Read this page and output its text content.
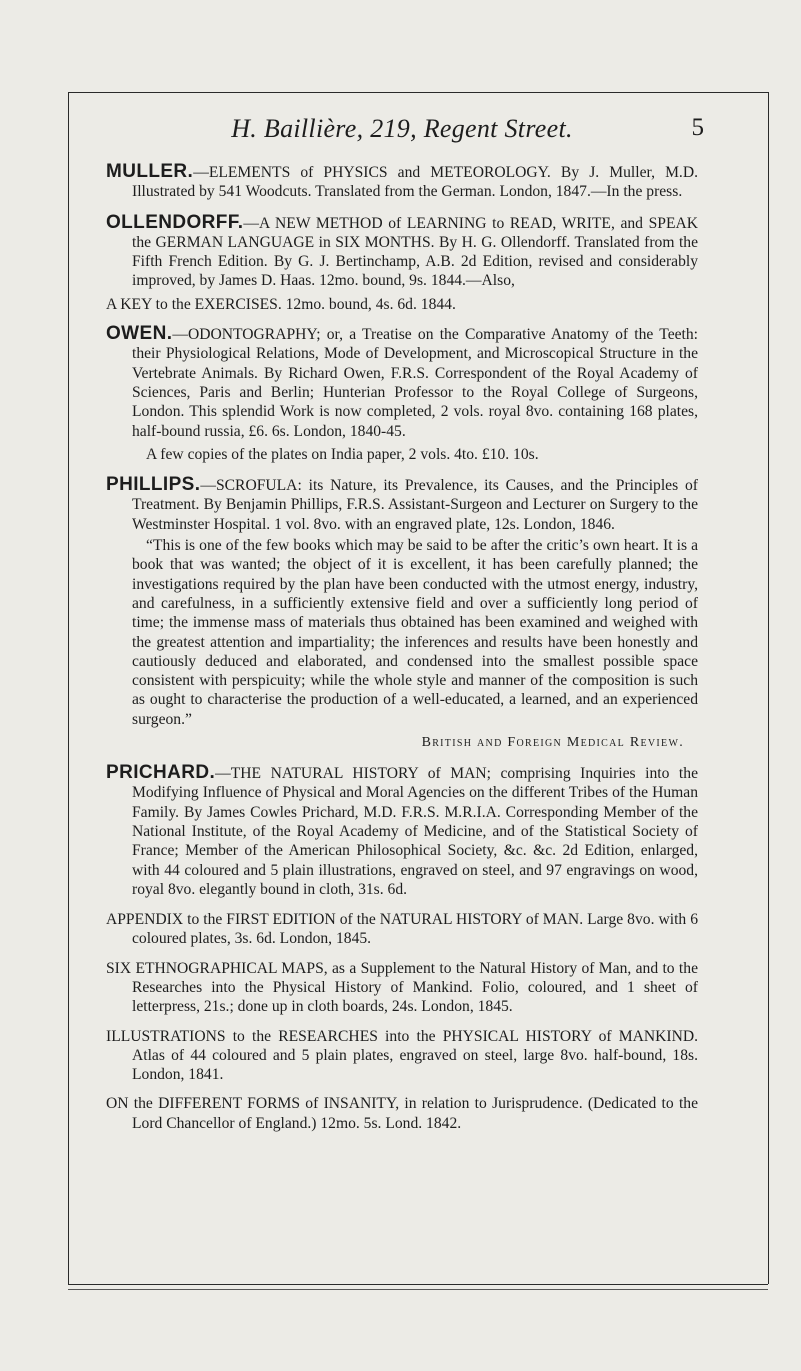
H. Baillière, 219, Regent Street.	5
MULLER.—ELEMENTS of PHYSICS and METEOROLOGY. By J. Muller, M.D. Illustrated by 541 Woodcuts. Translated from the German. London, 1847.—In the press.
OLLENDORFF.—A NEW METHOD of LEARNING to READ, WRITE, and SPEAK the GERMAN LANGUAGE in SIX MONTHS. By H. G. Ollendorff. Translated from the Fifth French Edition. By G. J. Bertinchamp, A.B. 2d Edition, revised and considerably improved, by James D. Haas. 12mo. bound, 9s. 1844.—Also,
A KEY to the EXERCISES. 12mo. bound, 4s. 6d. 1844.
OWEN.—ODONTOGRAPHY; or, a Treatise on the Comparative Anatomy of the Teeth: their Physiological Relations, Mode of Development, and Microscopical Structure in the Vertebrate Animals. By Richard Owen, F.R.S. Correspondent of the Royal Academy of Sciences, Paris and Berlin; Hunterian Professor to the Royal College of Surgeons, London. This splendid Work is now completed, 2 vols. royal 8vo. containing 168 plates, half-bound russia, £6. 6s. London, 1840-45.
A few copies of the plates on India paper, 2 vols. 4to. £10. 10s.
PHILLIPS.—SCROFULA: its Nature, its Prevalence, its Causes, and the Principles of Treatment. By Benjamin Phillips, F.R.S. Assistant-Surgeon and Lecturer on Surgery to the Westminster Hospital. 1 vol. 8vo. with an engraved plate, 12s. London, 1846.
“This is one of the few books which may be said to be after the critic’s own heart. It is a book that was wanted; the object of it is excellent, it has been carefully planned; the investigations required by the plan have been conducted with the utmost energy, industry, and carefulness, in a sufficiently extensive field and over a sufficiently long period of time; the immense mass of materials thus obtained has been examined and weighed with the greatest attention and impartiality; the inferences and results have been honestly and cautiously deduced and elaborated, and condensed into the smallest possible space consistent with perspicuity; while the whole style and manner of the composition is such as ought to characterise the production of a well-educated, a learned, and an experienced surgeon.”
British and Foreign Medical Review.
PRICHARD.—THE NATURAL HISTORY of MAN; comprising Inquiries into the Modifying Influence of Physical and Moral Agencies on the different Tribes of the Human Family. By James Cowles Prichard, M.D. F.R.S. M.R.I.A. Corresponding Member of the National Institute, of the Royal Academy of Medicine, and of the Statistical Society of France; Member of the American Philosophical Society, &c. &c. 2d Edition, enlarged, with 44 coloured and 5 plain illustrations, engraved on steel, and 97 engravings on wood, royal 8vo. elegantly bound in cloth, 31s. 6d.
APPENDIX to the FIRST EDITION of the NATURAL HISTORY of MAN. Large 8vo. with 6 coloured plates, 3s. 6d. London, 1845.
SIX ETHNOGRAPHICAL MAPS, as a Supplement to the Natural History of Man, and to the Researches into the Physical History of Mankind. Folio, coloured, and 1 sheet of letterpress, 21s.; done up in cloth boards, 24s. London, 1845.
ILLUSTRATIONS to the RESEARCHES into the PHYSICAL HISTORY of MANKIND. Atlas of 44 coloured and 5 plain plates, engraved on steel, large 8vo. half-bound, 18s. London, 1841.
ON the DIFFERENT FORMS of INSANITY, in relation to Jurisprudence. (Dedicated to the Lord Chancellor of England.) 12mo. 5s. Lond. 1842.
